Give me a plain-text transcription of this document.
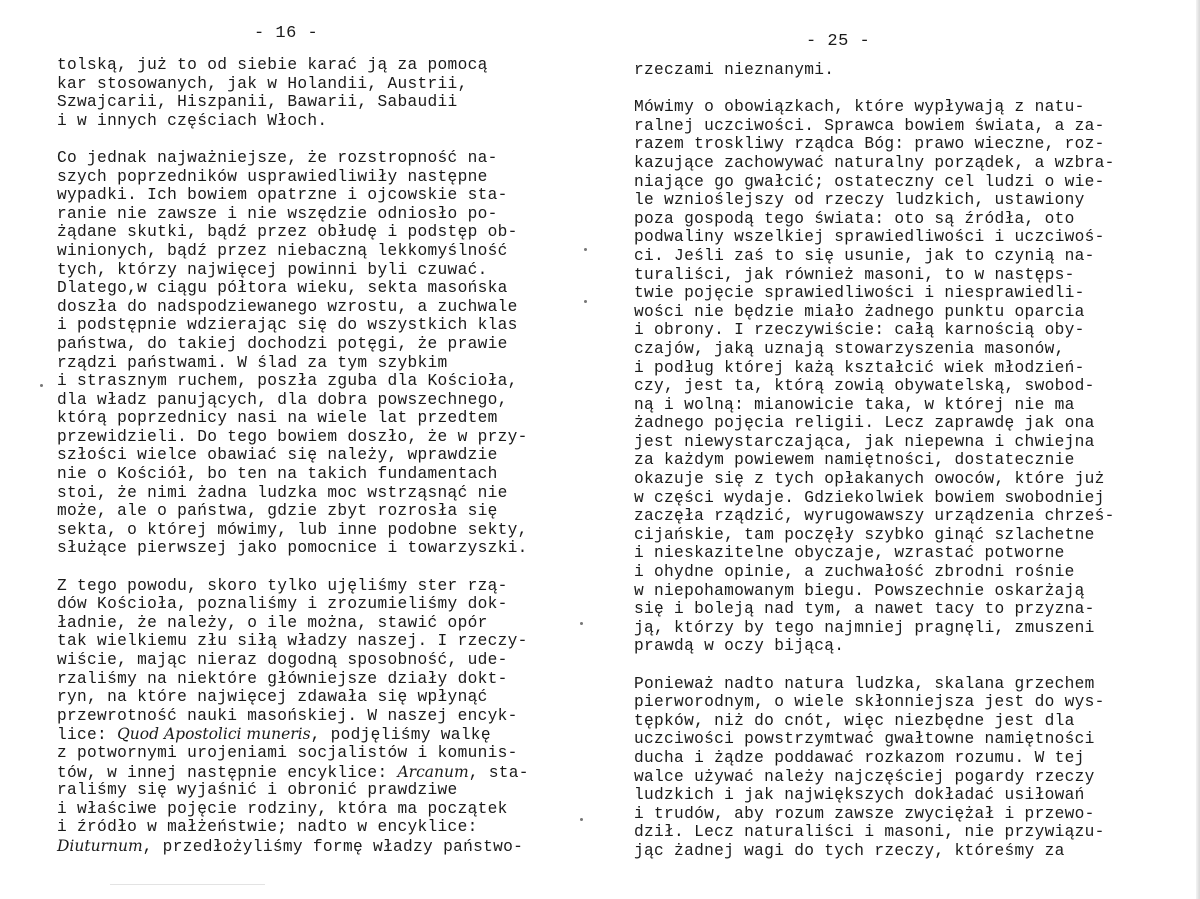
- 16 -

tolską, już to od siebie karać ją za pomocą
kar stosowanych, jak w Holandii, Austrii,
Szwajcarii, Hiszpanii, Bawarii, Sabaudii
i w innych częściach Włoch.

Co jednak najważniejsze, że rozstropność na-
szych poprzedników usprawiedliwiły następne
wypadki. Ich bowiem opatrzne i ojcowskie sta-
ranie nie zawsze i nie wszędzie odniosło po-
żądane skutki, bądź przez obłudę i podstęp ob-
winionych, bądź przez niebaczną lekkomyślność
tych, którzy najwięcej powinni byli czuwać.
Dlatego,w ciągu półtora wieku, sekta masońska
doszła do nadspodziewanego wzrostu, a zuchwale
i podstępnie wdzierając się do wszystkich klas
państwa, do takiej dochodzi potęgi, że prawie
rządzi państwami. W ślad za tym szybkim
i strasznym ruchem, poszła zguba dla Kościoła,
dla władz panujących, dla dobra powszechnego,
którą poprzednicy nasi na wiele lat przedtem
przewidzieli. Do tego bowiem doszło, że w przy-
szłości wielce obawiać się należy, wprawdzie
nie o Kościół, bo ten na takich fundamentach
stoi, że nimi żadna ludzka moc wstrząsnąć nie
może, ale o państwa, gdzie zbyt rozrosła się
sekta, o której mówimy, lub inne podobne sekty,
służące pierwszej jako pomocnice i towarzyszki.

Z tego powodu, skoro tylko ujęliśmy ster rzą-
dów Kościoła, poznaliśmy i zrozumieliśmy dok-
ładnie, że należy, o ile można, stawić opór
tak wielkiemu złu siłą władzy naszej. I rzeczy-
wiście, mając nieraz dogodną sposobność, ude-
rzaliśmy na niektóre główniejsze działy dokt-
ryn, na które najwięcej zdawała się wpłynąć
przewrotność nauki masońskiej. W naszej encyk-
lice: Quod Apostolici muneris, podjęliśmy walkę
z potwornymi urojeniami socjalistów i komunis-
tów, w innej następnie encyklice: Arcanum, sta-
raliśmy się wyjaśnić i obronić prawdziwe
i właściwe pojęcie rodziny, która ma początek
i źródło w małżeństwie; nadto w encyklice:
Diuturnum, przedłożyliśmy formę władzy państwo-

- 25 -

rzeczami nieznanymi.

Mówimy o obowiązkach, które wypływają z natu-
ralnej uczciwości. Sprawca bowiem świata, a za-
razem troskliwy rządca Bóg: prawo wieczne, roz-
kazujące zachowywać naturalny porządek, a wzbra-
niające go gwałcić; ostateczny cel ludzi o wie-
le wznioślejszy od rzeczy ludzkich, ustawiony
poza gospodą tego świata: oto są źródła, oto
podwaliny wszelkiej sprawiedliwości i uczciwoś-
ci. Jeśli zaś to się usunie, jak to czynią na-
turaliści, jak również masoni, to w następs-
twie pojęcie sprawiedliwości i niesprawiedli-
wości nie będzie miało żadnego punktu oparcia
i obrony. I rzeczywiście: całą karnością oby-
czajów, jaką uznają stowarzyszenia masonów,
i podług której każą kształcić wiek młodzień-
czy, jest ta, którą zowią obywatelską, swobod-
ną i wolną: mianowicie taka, w której nie ma
żadnego pojęcia religii. Lecz zaprawdę jak ona
jest niewystarczająca, jak niepewna i chwiejna
za każdym powiewem namiętności, dostatecznie
okazuje się z tych opłakanych owoców, które już
w części wydaje. Gdziekolwiek bowiem swobodniej
zaczęła rządzić, wyrugowawszy urządzenia chrześ-
cijańskie, tam poczęły szybko ginąć szlachetne
i nieskazitelne obyczaje, wzrastać potworne
i ohydne opinie, a zuchwałość zbrodni rośnie
w niepohamowanym biegu. Powszechnie oskarżają
się i boleją nad tym, a nawet tacy to przyzna-
ją, którzy by tego najmniej pragnęli, zmuszeni
prawdą w oczy bijącą.

Ponieważ nadto natura ludzka, skalana grzechem
pierworodnym, o wiele skłonniejsza jest do wys-
tępków, niż do cnót, więc niezbędne jest dla
uczciwości powstrzymtwać gwałtowne namiętności
ducha i żądze poddawać rozkazom rozumu. W tej
walce używać należy najczęściej pogardy rzeczy
ludzkich i jak największych dokładać usiłowań
i trudów, aby rozum zawsze zwyciężał i przewo-
dził. Lecz naturaliści i masoni, nie przywiązu-
jąc żadnej wagi do tych rzeczy, któreśmy za
